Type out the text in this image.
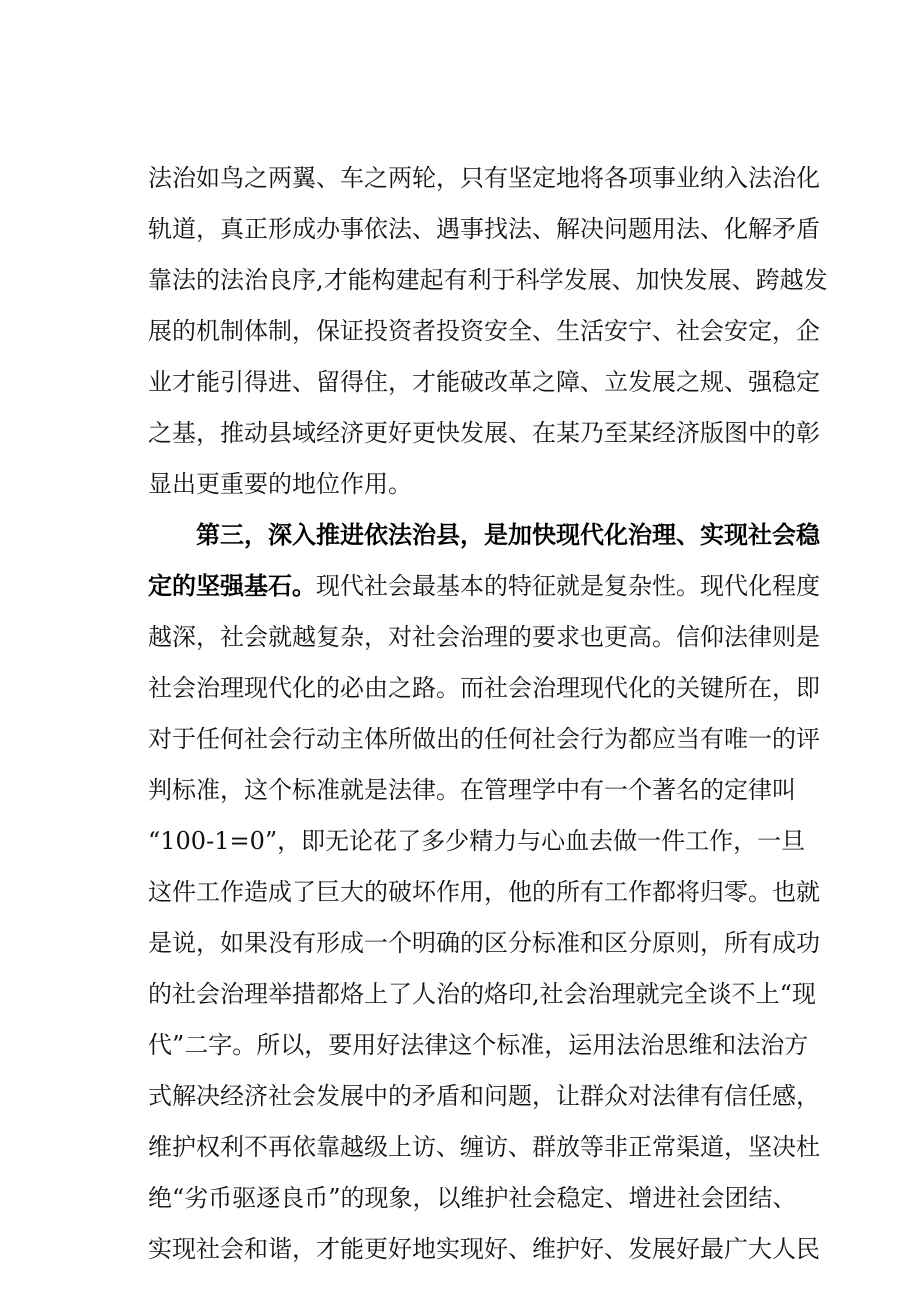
法治如鸟之两翼、车之两轮，只有坚定地将各项事业纳入法治化
轨道，真正形成办事依法、遇事找法、解决问题用法、化解矛盾
靠法的法治良序,才能构建起有利于科学发展、加快发展、跨越发
展的机制体制，保证投资者投资安全、生活安宁、社会安定，企
业才能引得进、留得住，才能破改革之障、立发展之规、强稳定
之基，推动县域经济更好更快发展、在某乃至某经济版图中的彰
显出更重要的地位作用。
第三，深入推进依法治县，是加快现代化治理、实现社会稳
定的坚强基石。现代社会最基本的特征就是复杂性。现代化程度
越深，社会就越复杂，对社会治理的要求也更高。信仰法律则是
社会治理现代化的必由之路。而社会治理现代化的关键所在，即
对于任何社会行动主体所做出的任何社会行为都应当有唯一的评
判标准，这个标准就是法律。在管理学中有一个著名的定律叫
“100-1=0”，即无论花了多少精力与心血去做一件工作，一旦
这件工作造成了巨大的破坏作用，他的所有工作都将归零。也就
是说，如果没有形成一个明确的区分标准和区分原则，所有成功
的社会治理举措都烙上了人治的烙印,社会治理就完全谈不上“现
代”二字。所以，要用好法律这个标准，运用法治思维和法治方
式解决经济社会发展中的矛盾和问题，让群众对法律有信任感，
维护权利不再依靠越级上访、缠访、群放等非正常渠道，坚决杜
绝“劣币驱逐良币”的现象，以维护社会稳定、增进社会团结、
实现社会和谐，才能更好地实现好、维护好、发展好最广大人民
